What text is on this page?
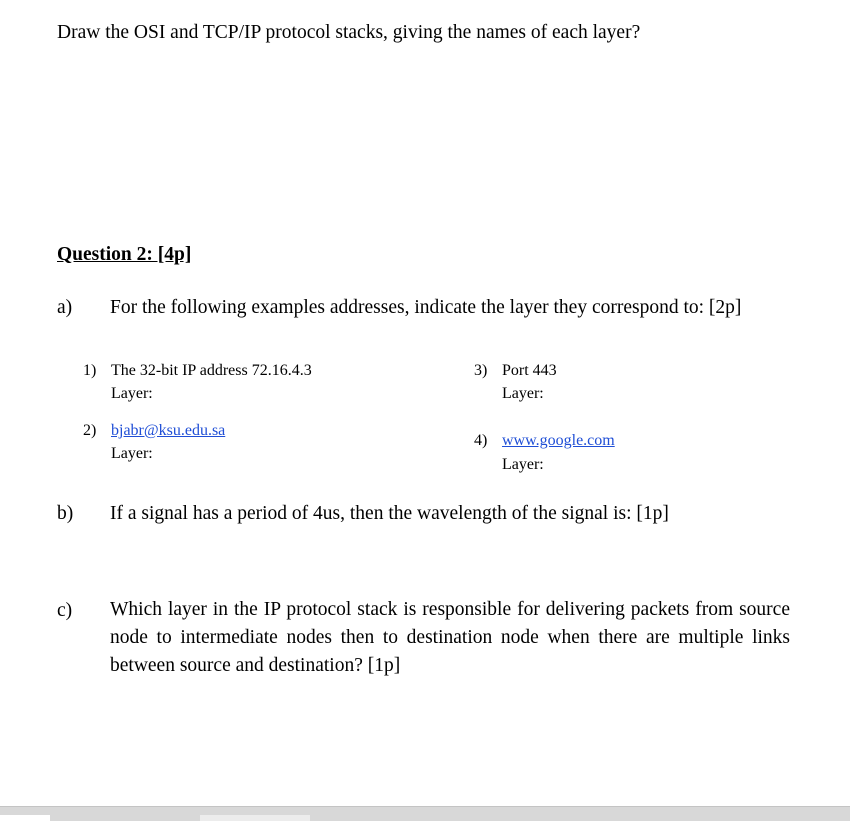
Draw the OSI and TCP/IP protocol stacks, giving the names of each layer?
Question 2: [4p]
a) For the following examples addresses, indicate the layer they correspond to: [2p]
1) The 32-bit IP address 72.16.4.3
Layer:
2) bjabr@ksu.edu.sa
Layer:
3) Port 443
Layer:
4) www.google.com
Layer:
b) If a signal has a period of 4us, then the wavelength of the signal is: [1p]
c) Which layer in the IP protocol stack is responsible for delivering packets from source node to intermediate nodes then to destination node when there are multiple links between source and destination? [1p]
